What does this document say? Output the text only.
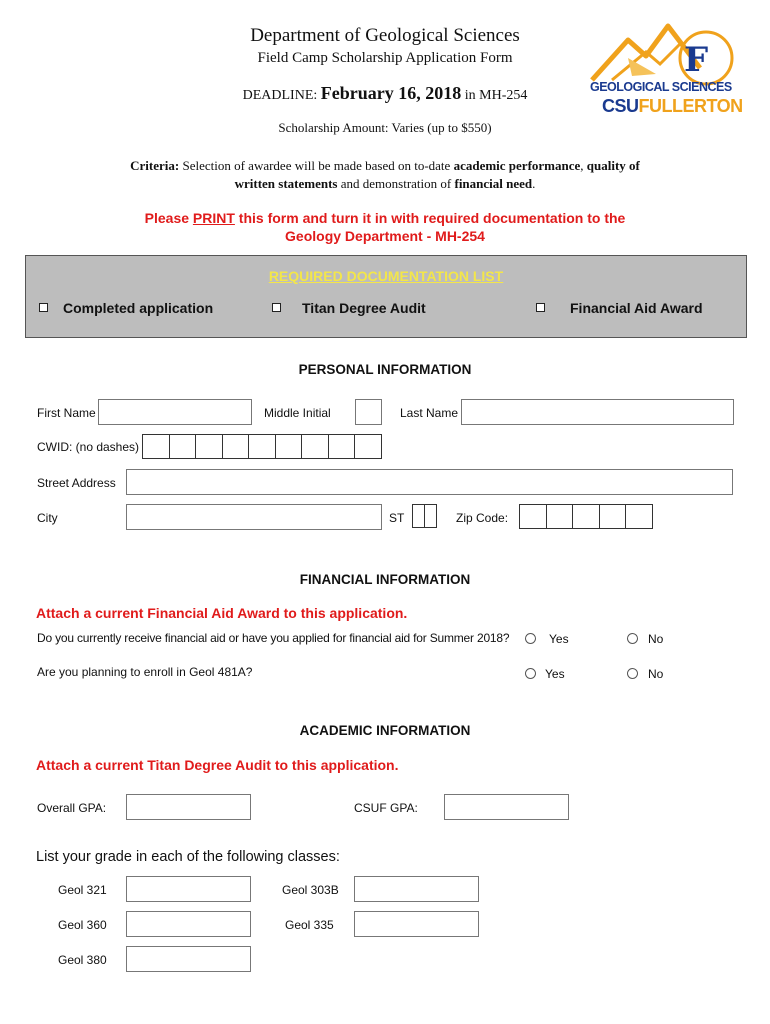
Department of Geological Sciences
Field Camp Scholarship Application Form
DEADLINE: February 16, 2018 in MH-254
Scholarship Amount: Varies (up to $550)
F
GEOLOGICAL SCIENCES
CSUFULLERTON
Criteria: Selection of awardee will be made based on to-date academic performance, quality of
written statements and demonstration of financial need.
Please PRINT this form and turn it in with required documentation to the
Geology Department - MH-254
REQUIRED DOCUMENTATION LIST
Completed application	Titan Degree Audit	Financial Aid Award
PERSONAL INFORMATION
First Name	Middle Initial	Last Name
CWID: (no dashes)
Street Address
City	ST	Zip Code:
FINANCIAL INFORMATION
Attach a current Financial Aid Award to this application.
Do you currently receive financial aid or have you applied for financial aid for Summer 2018?	Yes	No
Are you planning to enroll in Geol 481A?	Yes	No
ACADEMIC INFORMATION
Attach a current Titan Degree Audit to this application.
Overall GPA:	CSUF GPA:
List your grade in each of the following classes:
Geol 321	Geol 303B
Geol 360	Geol 335
Geol 380
